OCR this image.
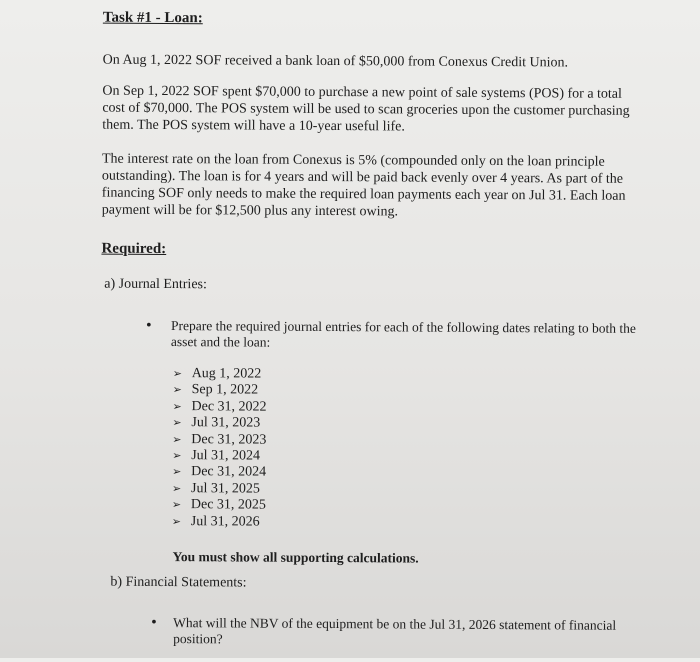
Task #1 - Loan:

On Aug 1, 2022 SOF received a bank loan of $50,000 from Conexus Credit Union.

On Sep 1, 2022 SOF spent $70,000 to purchase a new point of sale systems (POS) for a total cost of $70,000. The POS system will be used to scan groceries upon the customer purchasing them. The POS system will have a 10-year useful life.

The interest rate on the loan from Conexus is 5% (compounded only on the loan principle outstanding). The loan is for 4 years and will be paid back evenly over 4 years. As part of the financing SOF only needs to make the required loan payments each year on Jul 31. Each loan payment will be for $12,500 plus any interest owing.

Required:
a) Journal Entries:
• Prepare the required journal entries for each of the following dates relating to both the asset and the loan:
➢ Aug 1, 2022
➢ Sep 1, 2022
➢ Dec 31, 2022
➢ Jul 31, 2023
➢ Dec 31, 2023
➢ Jul 31, 2024
➢ Dec 31, 2024
➢ Jul 31, 2025
➢ Dec 31, 2025
➢ Jul 31, 2026
You must show all supporting calculations.
b) Financial Statements:
• What will the NBV of the equipment be on the Jul 31, 2026 statement of financial position?
